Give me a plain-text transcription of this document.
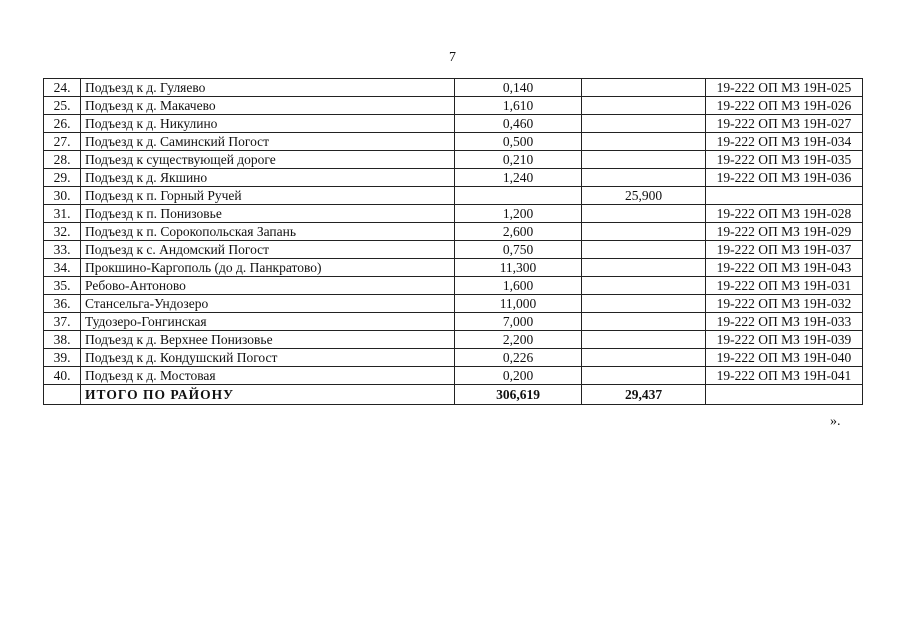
7
24.	Подъезд к д. Гуляево	0,140		19-222 ОП МЗ 19Н-025
25.	Подъезд к д. Макачево	1,610		19-222 ОП МЗ 19Н-026
26.	Подъезд к д. Никулино	0,460		19-222 ОП МЗ 19Н-027
27.	Подъезд к д. Саминский Погост	0,500		19-222 ОП МЗ 19Н-034
28.	Подъезд к существующей дороге	0,210		19-222 ОП МЗ 19Н-035
29.	Подъезд к д. Якшино	1,240		19-222 ОП МЗ 19Н-036
30.	Подъезд к п. Горный Ручей		25,900	
31.	Подъезд к п. Понизовье	1,200		19-222 ОП МЗ 19Н-028
32.	Подъезд к п. Сорокопольская Запань	2,600		19-222 ОП МЗ 19Н-029
33.	Подъезд к с. Андомский Погост	0,750		19-222 ОП МЗ 19Н-037
34.	Прокшино-Каргополь (до д. Панкратово)	11,300		19-222 ОП МЗ 19Н-043
35.	Ребово-Антоново	1,600		19-222 ОП МЗ 19Н-031
36.	Стансельга-Ундозеро	11,000		19-222 ОП МЗ 19Н-032
37.	Тудозеро-Гонгинская	7,000		19-222 ОП МЗ 19Н-033
38.	Подъезд к д. Верхнее Понизовье	2,200		19-222 ОП МЗ 19Н-039
39.	Подъезд к д. Кондушский Погост	0,226		19-222 ОП МЗ 19Н-040
40.	Подъезд к д. Мостовая	0,200		19-222 ОП МЗ 19Н-041
	ИТОГО ПО РАЙОНУ	306,619	29,437	
».
